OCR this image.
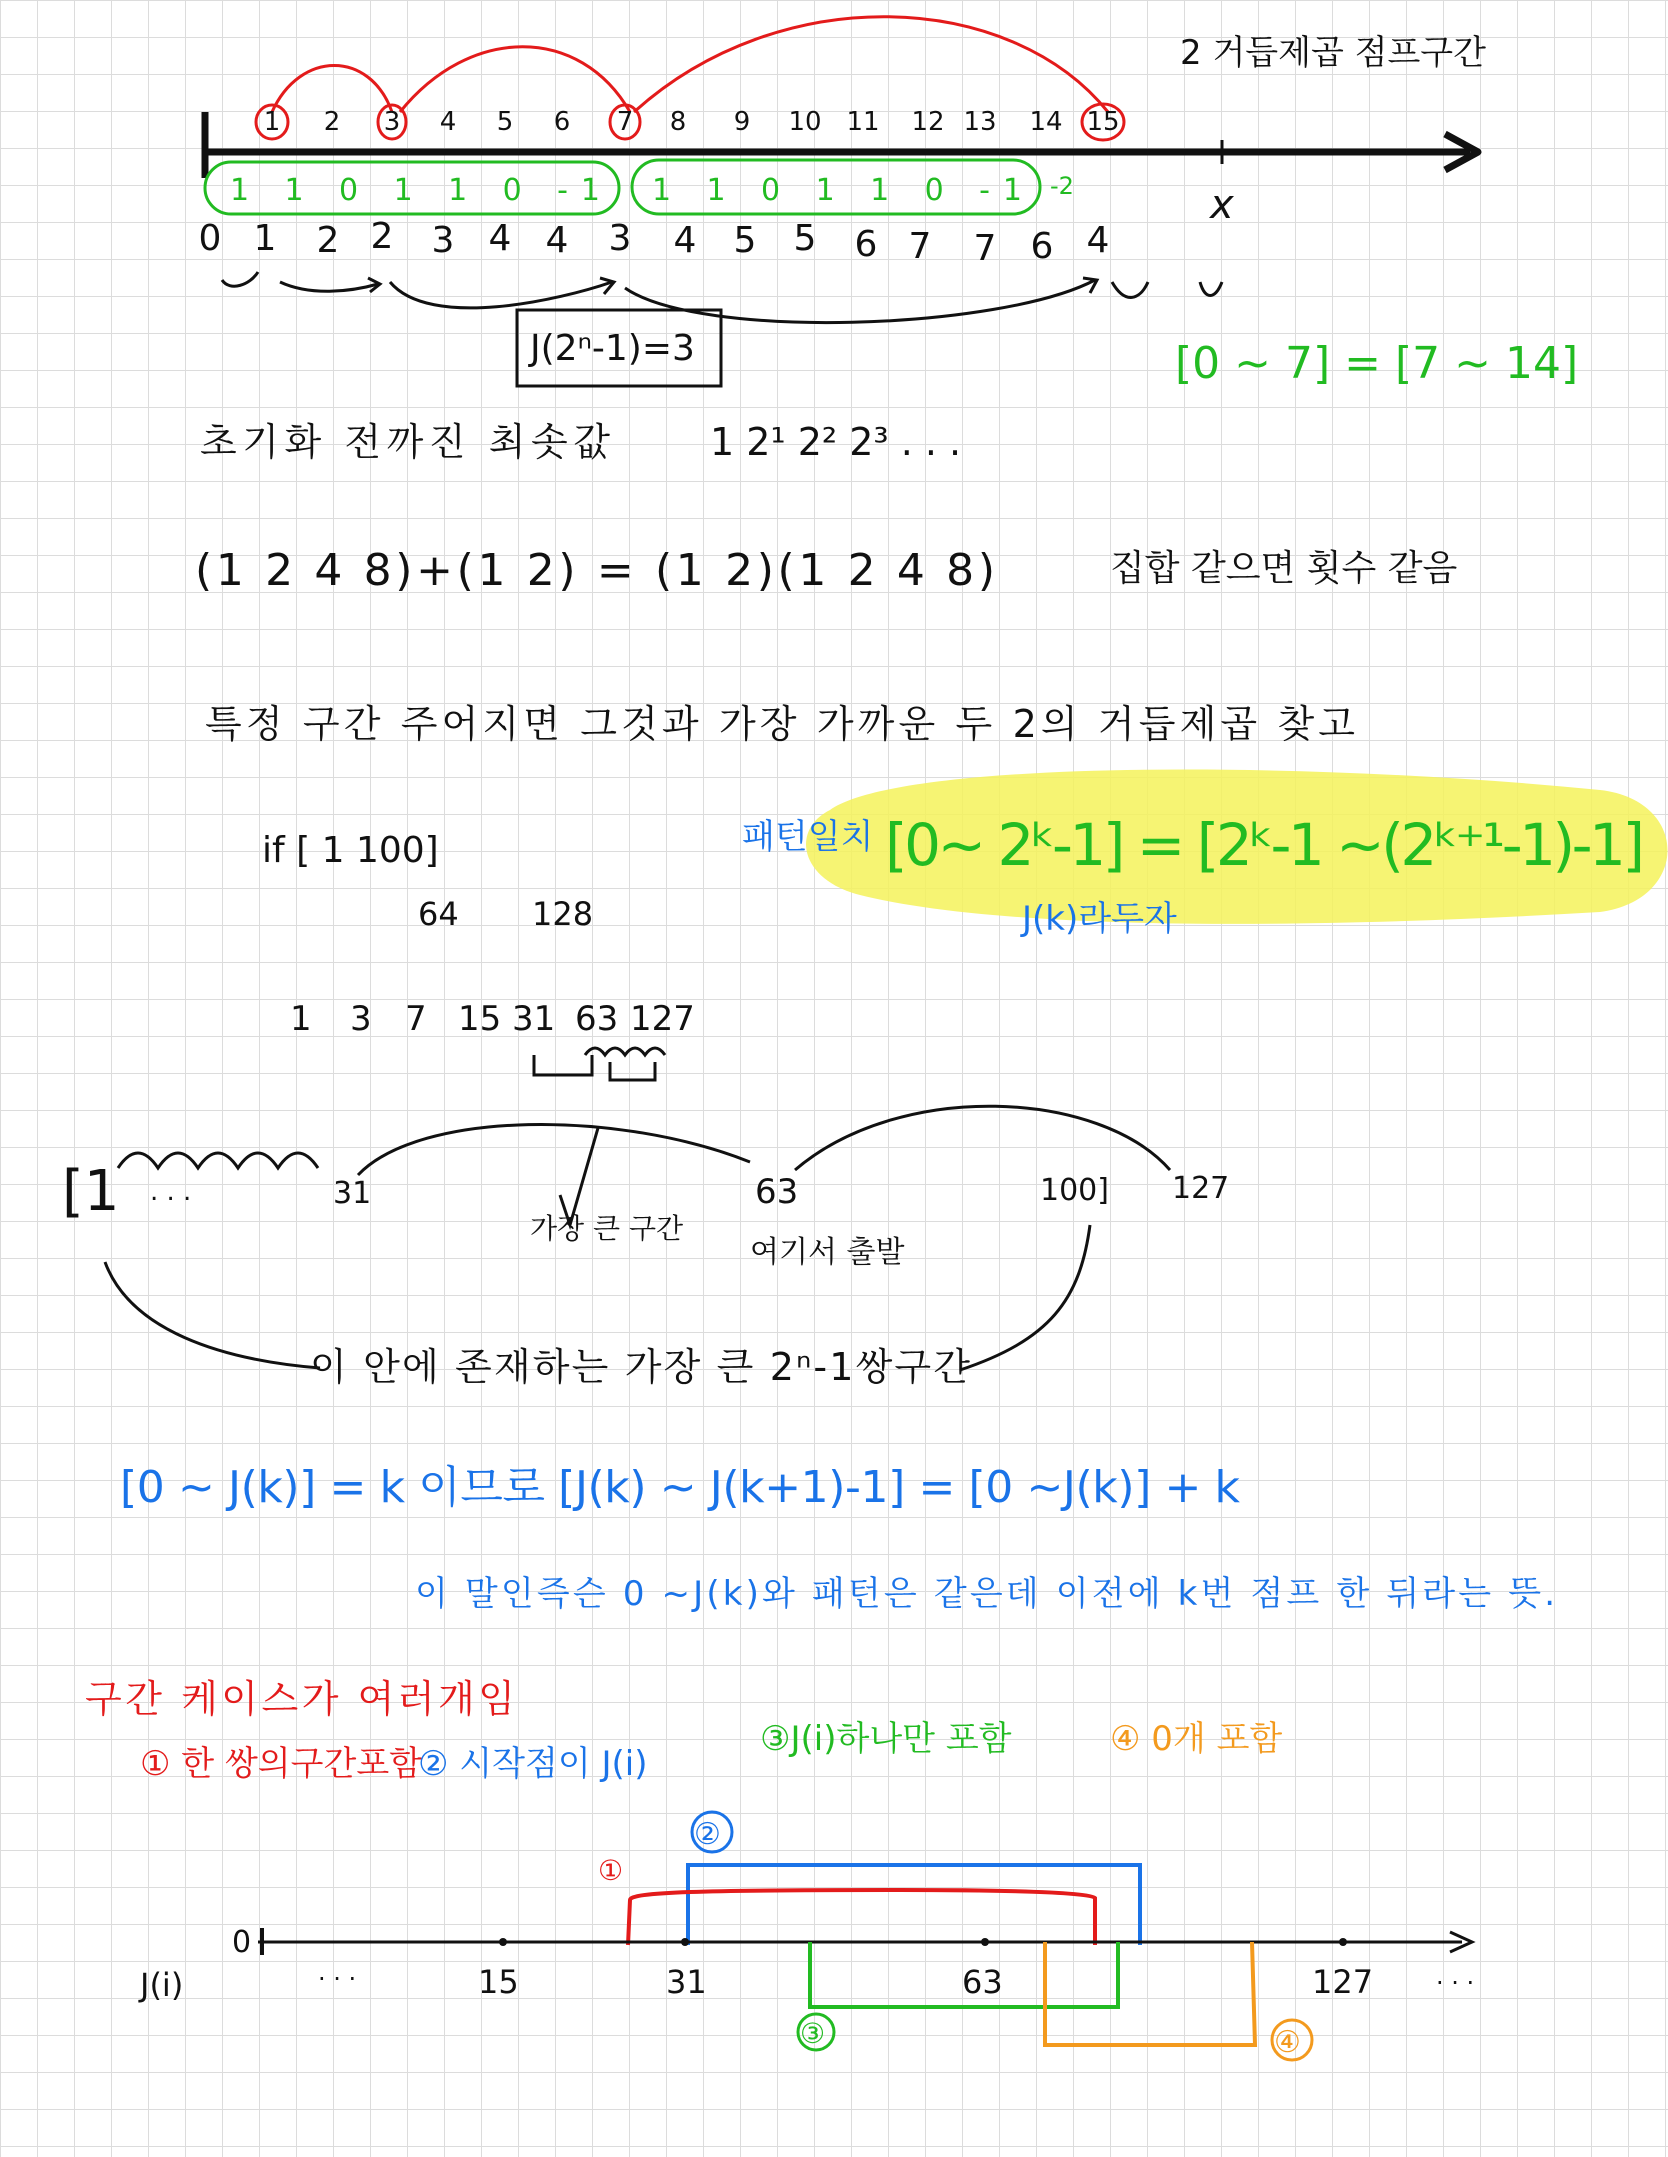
2 거듭제곱 점프구간
1 2 3 4 5 6 7 8 9 10 11 12 13 14 15
x
1 1 0 1 1 0 -1 1 1 0 1 1 0 -1 -2
0 1 2 2 3 4 4 3 4 5 5 6 7 7 6 4
J(2ⁿ-1)=3	[0 ~ 7] = [7 ~ 14]
초기화 전까진 최솟값	1 2¹ 2² 2³ . . .
(1 2 4 8)+(1 2) = (1 2)(1 2 4 8)	집합 같으면 횟수 같음
특정 구간 주어지면 그것과 가장 가까운 두 2의 거듭제곱 찾고
if [ 1 100]
64 128
1 3 7 15 31 63 127
패턴일치 [0~ 2ᵏ-1] = [2ᵏ-1 ~(2ᵏ⁺¹-1)-1]
J(k)라두자
[1 . . .	31
가장 큰 구간
63
여기서 출발
100] 127
이 안에 존재하는 가장 큰 2ⁿ-1쌍구간
[0 ~ J(k)] = k 이므로 [J(k) ~ J(k+1)-1] = [0 ~J(k)] + k
이 말인즉슨 0 ~J(k)와 패턴은 같은데 이전에 k번 점프 한 뒤라는 뜻.
구간 케이스가 여러개임
① 한 쌍의구간포함
② 시작점이 J(i)
③J(i)하나만 포함	④ 0개 포함
②
①
0
J(i)	. . .	15	31	63	127	. . .
③	④
